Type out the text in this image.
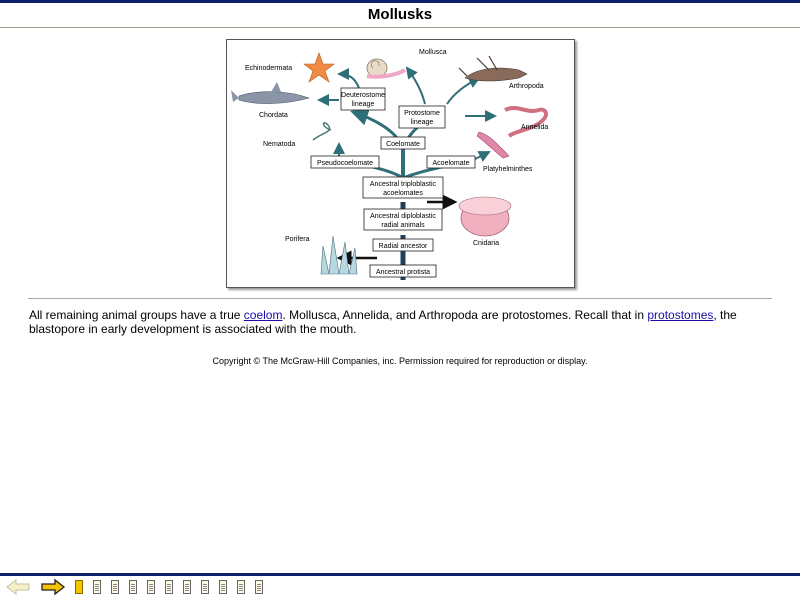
Mollusks
Deuterostome
lineage
Protostome
lineage
Coelomate
Pseudocoelomate	Acoelomate
Ancestral triploblastic
acoelomates
Ancestral diploblastic
radial animals
Radial ancestor
Ancestral protista
Mollusca
Echinodermata
Arthropoda
Chordata
Annelida
Nematoda
Platyhelminthes
Cnidaria
Porifera
All remaining animal groups have a true coelom. Mollusca, Annelida, and Arthropoda are protostomes. Recall that in protostomes, the blastopore in early development is associated with the mouth.
Copyright © The McGraw-Hill Companies, inc. Permission required for reproduction or display.
